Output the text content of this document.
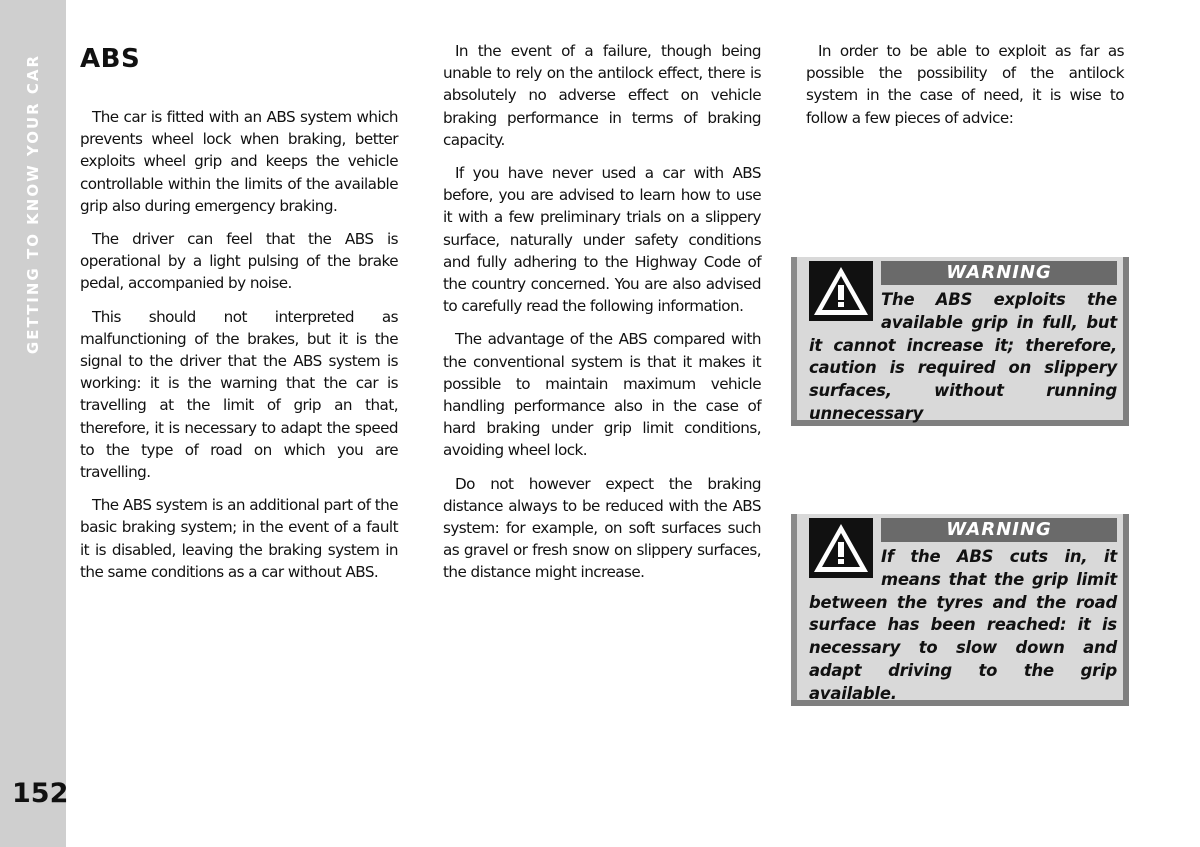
GETTING TO KNOW YOUR CAR
152
ABS

The car is fitted with an ABS system which prevents wheel lock when braking, better exploits wheel grip and keeps the vehicle controllable within the limits of the available grip also during emergency braking.

The driver can feel that the ABS is operational by a light pulsing of the brake pedal, accompanied by noise.

This should not interpreted as malfunctioning of the brakes, but it is the signal to the driver that the ABS system is working: it is the warning that the car is travelling at the limit of grip an that, therefore, it is necessary to adapt the speed to the type of road on which you are travelling.

The ABS system is an additional part of the basic braking system; in the event of a fault it is disabled, leaving the braking system in the same conditions as a car without ABS.

In the event of a failure, though being unable to rely on the antilock effect, there is absolutely no adverse effect on vehicle braking performance in terms of braking capacity.

If you have never used a car with ABS before, you are advised to learn how to use it with a few preliminary trials on a slippery surface, naturally under safety conditions and fully adhering to the Highway Code of the country concerned. You are also advised to carefully read the following information.

The advantage of the ABS compared with the conventional system is that it makes it possible to maintain maximum vehicle handling performance also in the case of hard braking under grip limit conditions, avoiding wheel lock.

Do not however expect the braking distance always to be reduced with the ABS system: for example, on soft surfaces such as gravel or fresh snow on slippery surfaces, the distance might increase.

In order to be able to exploit as far as possible the possibility of the antilock system in the case of need, it is wise to follow a few pieces of advice:

WARNING

The ABS exploits the available grip in full, but it cannot increase it; therefore, caution is required on slippery surfaces, without running unnecessary

WARNING

If the ABS cuts in, it means that the grip limit between the tyres and the road surface has been reached: it is necessary to slow down and adapt driving to the grip available.
